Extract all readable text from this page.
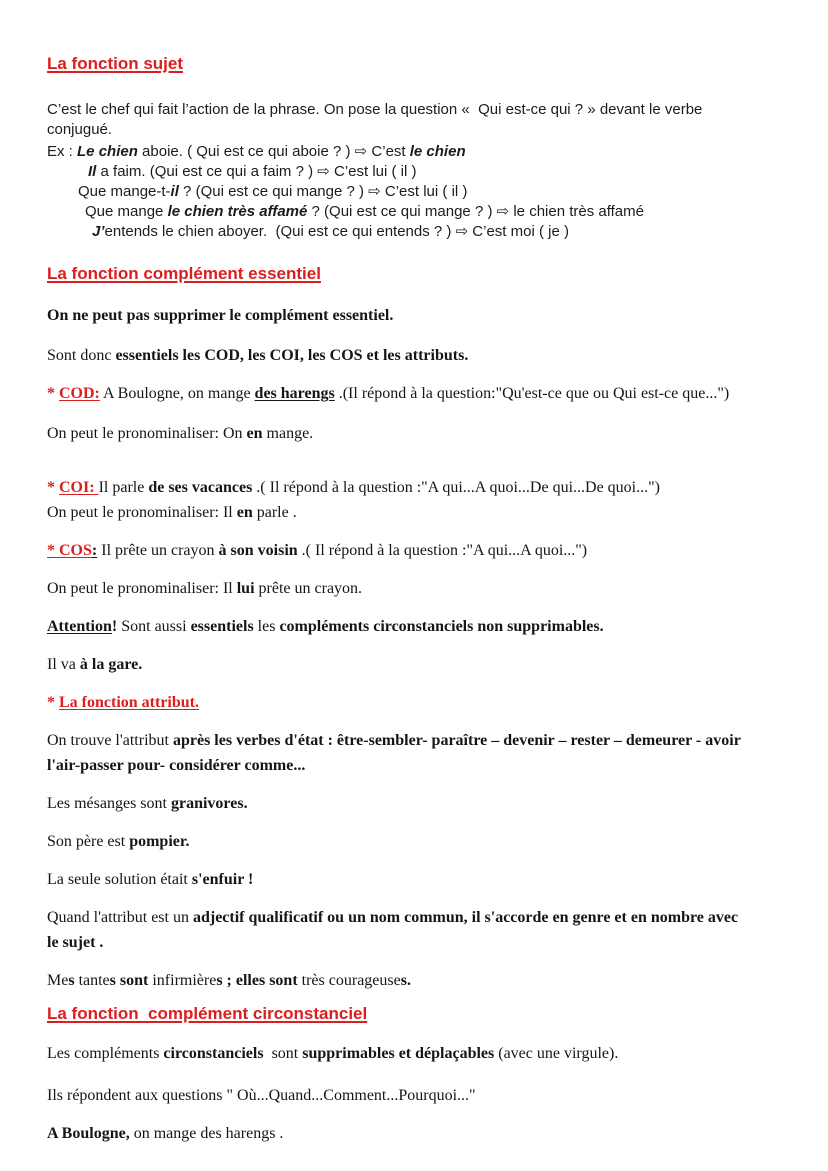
La fonction sujet
C’est le chef qui fait l’action de la phrase. On pose la question «  Qui est-ce qui ? » devant le verbe
conjugué.
Ex : Le chien aboie. ( Qui est ce qui aboie ? ) ⇨ C’est le chien
Il a faim. (Qui est ce qui a faim ? ) ⇨ C’est lui ( il )
Que mange-t-il ? (Qui est ce qui mange ? ) ⇨ C’est lui ( il )
Que mange le chien très affamé ? (Qui est ce qui mange ? ) ⇨ le chien très affamé
J’entends le chien aboyer.  (Qui est ce qui entends ? ) ⇨ C’est moi ( je )
La fonction complément essentiel
On ne peut pas supprimer le complément essentiel.
Sont donc essentiels les COD, les COI, les COS et les attributs.
* COD: A Boulogne, on mange des harengs .(Il répond à la question:"Qu'est-ce que ou Qui est-ce que...")
On peut le pronominaliser: On en mange.
* COI: Il parle de ses vacances .( Il répond à la question :"A qui...A quoi...De qui...De quoi...")
On peut le pronominaliser: Il en parle .
* COS: Il prête un crayon à son voisin .( Il répond à la question :"A qui...A quoi...")
On peut le pronominaliser: Il lui prête un crayon.
Attention! Sont aussi essentiels les compléments circonstanciels non supprimables.
Il va à la gare.
* La fonction attribut.
On trouve l'attribut après les verbes d'état : être-sembler- paraître – devenir – rester – demeurer - avoir
l'air-passer pour- considérer comme...
Les mésanges sont granivores.
Son père est pompier.
La seule solution était s'enfuir !
Quand l'attribut est un adjectif qualificatif ou un nom commun, il s'accorde en genre et en nombre avec
le sujet .
Mes tantes sont infirmières ; elles sont très courageuses.
La fonction  complément circonstanciel
Les compléments circonstanciels  sont supprimables et déplaçables (avec une virgule).
Ils répondent aux questions " Où...Quand...Comment...Pourquoi..."
A Boulogne, on mange des harengs .
